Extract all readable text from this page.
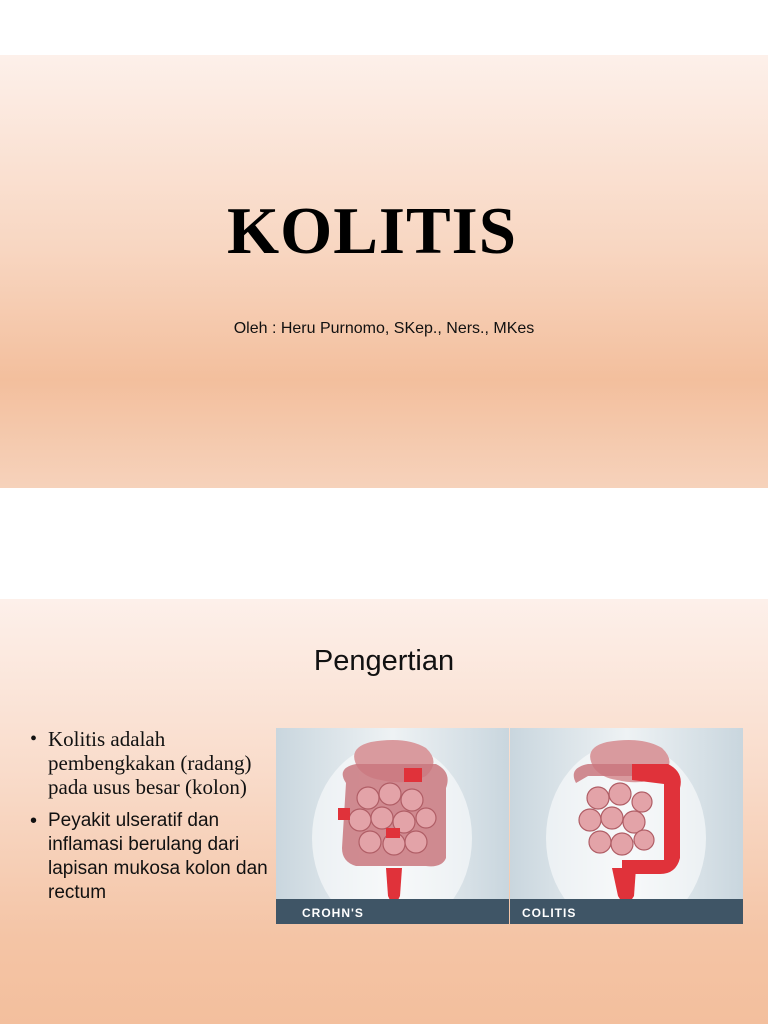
KOLITIS
Oleh : Heru Purnomo, SKep., Ners., MKes
Pengertian
• Kolitis adalah pembengkakan (radang) pada usus besar (kolon)
• Peyakit ulseratif dan inflamasi berulang dari lapisan mukosa kolon dan rectum
CROHN'S	COLITIS
